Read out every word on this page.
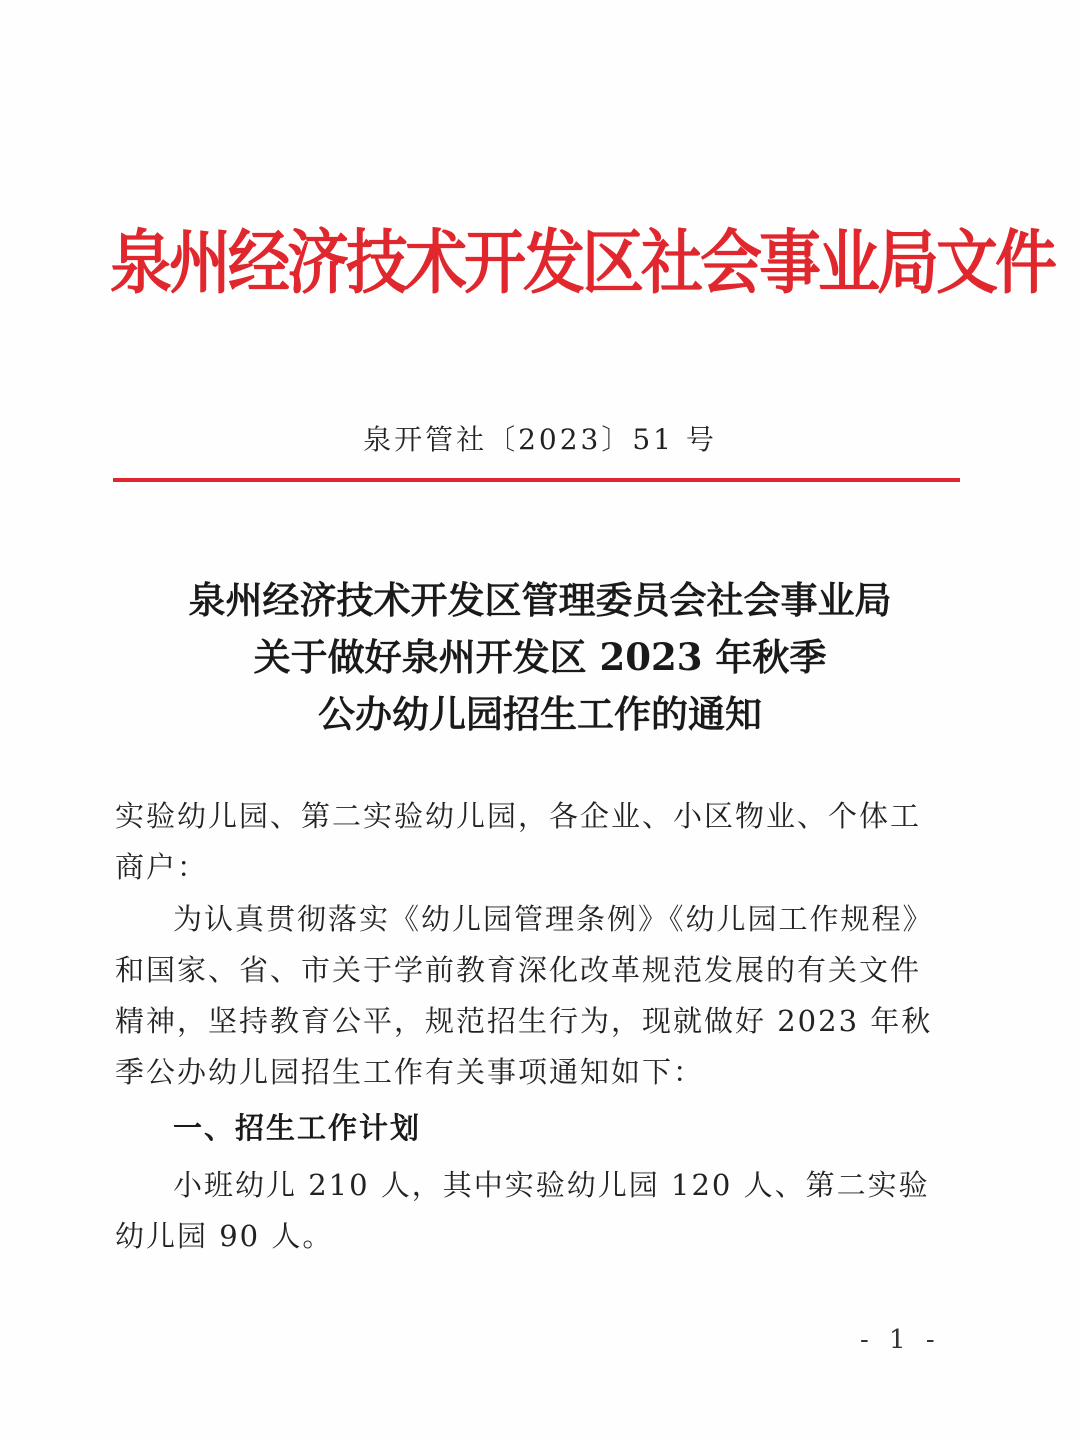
泉州经济技术开发区社会事业局文件
泉开管社〔2023〕51 号
泉州经济技术开发区管理委员会社会事业局
关于做好泉州开发区 2023 年秋季
公办幼儿园招生工作的通知
实验幼儿园、第二实验幼儿园，各企业、小区物业、个体工商户：
为认真贯彻落实《幼儿园管理条例》《幼儿园工作规程》和国家、省、市关于学前教育深化改革规范发展的有关文件精神，坚持教育公平，规范招生行为，现就做好 2023 年秋季公办幼儿园招生工作有关事项通知如下：
一、招生工作计划
小班幼儿 210 人，其中实验幼儿园 120 人、第二实验幼儿园 90 人。
- 1 -
